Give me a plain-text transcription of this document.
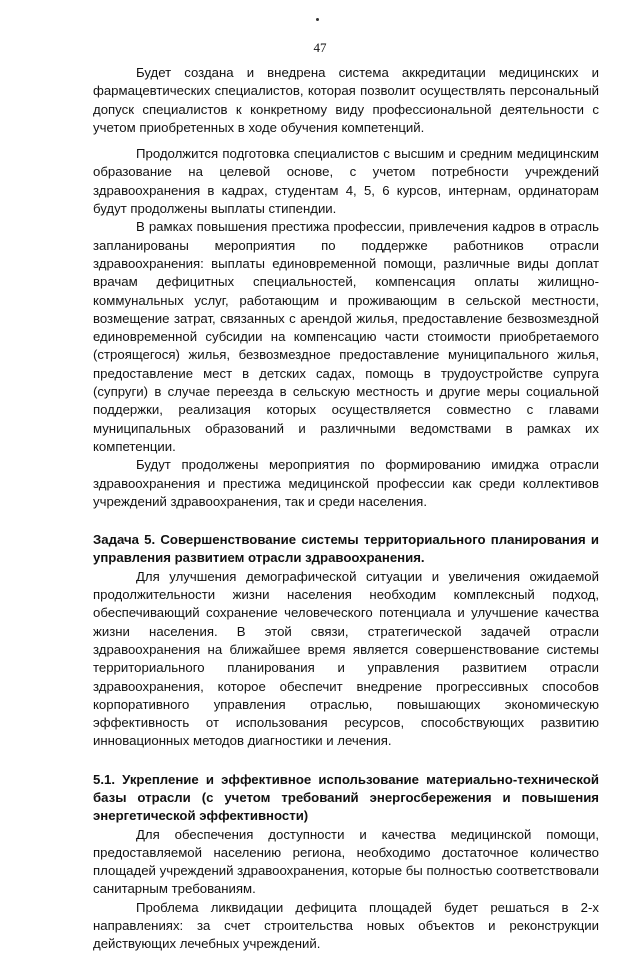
47

Будет создана и внедрена система аккредитации медицинских и фармацевтических специалистов, которая позволит осуществлять персональный допуск специалистов к конкретному виду профессиональной деятельности с учетом приобретенных в ходе обучения компетенций.

Продолжится подготовка специалистов с высшим и средним медицинским образование на целевой основе, с учетом потребности учреждений здравоохранения в кадрах, студентам 4, 5, 6 курсов, интернам, ординаторам будут продолжены выплаты стипендии.

В рамках повышения престижа профессии, привлечения кадров в отрасль запланированы мероприятия по поддержке работников отрасли здравоохранения: выплаты единовременной помощи, различные виды доплат врачам дефицитных специальностей, компенсация оплаты жилищно-коммунальных услуг, работающим и проживающим в сельской местности, возмещение затрат, связанных с арендой жилья, предоставление безвозмездной единовременной субсидии на компенсацию части стоимости приобретаемого (строящегося) жилья, безвозмездное предоставление муниципального жилья, предоставление мест в детских садах, помощь в трудоустройстве супруга (супруги) в случае переезда в сельскую местность и другие меры социальной поддержки, реализация которых осуществляется совместно с главами муниципальных образований и различными ведомствами в рамках их компетенции.

Будут продолжены мероприятия по формированию имиджа отрасли здравоохранения и престижа медицинской профессии как среди коллективов учреждений здравоохранения, так и среди населения.

Задача 5. Совершенствование системы территориального планирования и управления развитием отрасли здравоохранения.

Для улучшения демографической ситуации и увеличения ожидаемой продолжительности жизни населения необходим комплексный подход, обеспечивающий сохранение человеческого потенциала и улучшение качества жизни населения. В этой связи, стратегической задачей отрасли здравоохранения на ближайшее время является совершенствование системы территориального планирования и управления развитием отрасли здравоохранения, которое обеспечит внедрение прогрессивных способов корпоративного управления отраслью, повышающих экономическую эффективность от использования ресурсов, способствующих развитию инновационных методов диагностики и лечения.

5.1. Укрепление и эффективное использование материально-технической базы отрасли (с учетом требований энергосбережения и повышения энергетической эффективности)

Для обеспечения доступности и качества медицинской помощи, предоставляемой населению региона, необходимо достаточное количество площадей учреждений здравоохранения, которые бы полностью соответствовали санитарным требованиям.

Проблема ликвидации дефицита площадей будет решаться в 2-х направлениях: за счет строительства новых объектов и реконструкции действующих лечебных учреждений.
